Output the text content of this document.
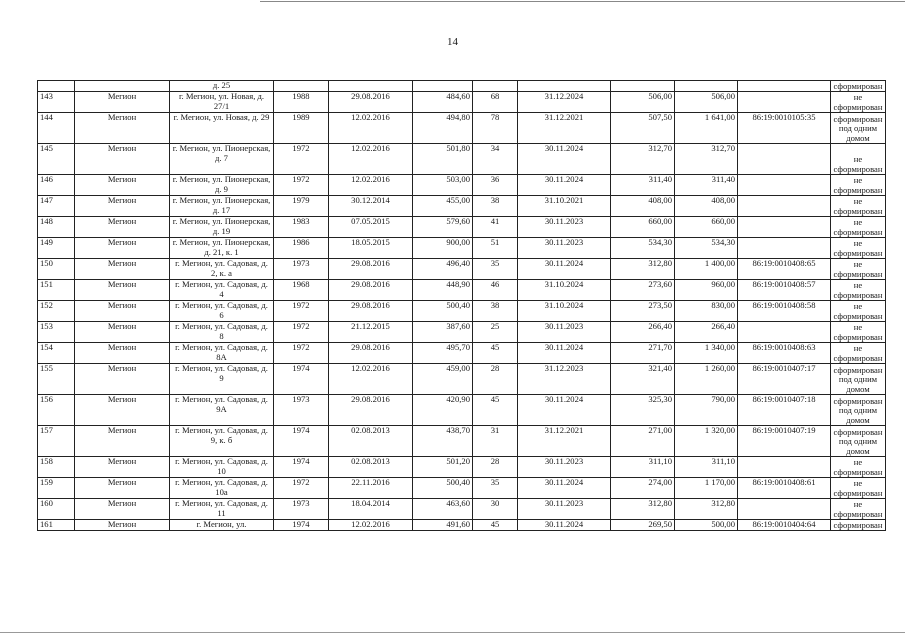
14
		д. 25									сформирован
143	Мегион	г. Мегион, ул. Новая, д. 27/1	1988	29.08.2016	484,60	68	31.12.2024	506,00	506,00		не сформирован
144	Мегион	г. Мегион, ул. Новая, д. 29	1989	12.02.2016	494,80	78	31.12.2021	507,50	1 641,00	86:19:0010105:35	сформирован под одним домом
145	Мегион	г. Мегион, ул. Пионерская, д. 7	1972	12.02.2016	501,80	34	30.11.2024	312,70	312,70		не сформирован
146	Мегион	г. Мегион, ул. Пионерская, д. 9	1972	12.02.2016	503,00	36	30.11.2024	311,40	311,40		не сформирован
147	Мегион	г. Мегион, ул. Пионерская, д. 17	1979	30.12.2014	455,00	38	31.10.2021	408,00	408,00		не сформирован
148	Мегион	г. Мегион, ул. Пионерская, д. 19	1983	07.05.2015	579,60	41	30.11.2023	660,00	660,00		не сформирован
149	Мегион	г. Мегион, ул. Пионерская, д. 21, к. 1	1986	18.05.2015	900,00	51	30.11.2023	534,30	534,30		не сформирован
150	Мегион	г. Мегион, ул. Садовая, д. 2, к. а	1973	29.08.2016	496,40	35	30.11.2024	312,80	1 400,00	86:19:0010408:65	не сформирован
151	Мегион	г. Мегион, ул. Садовая, д. 4	1968	29.08.2016	448,90	46	31.10.2024	273,60	960,00	86:19:0010408:57	не сформирован
152	Мегион	г. Мегион, ул. Садовая, д. 6	1972	29.08.2016	500,40	38	31.10.2024	273,50	830,00	86:19:0010408:58	не сформирован
153	Мегион	г. Мегион, ул. Садовая, д. 8	1972	21.12.2015	387,60	25	30.11.2023	266,40	266,40		не сформирован
154	Мегион	г. Мегион, ул. Садовая, д. 8А	1972	29.08.2016	495,70	45	30.11.2024	271,70	1 340,00	86:19:0010408:63	не сформирован
155	Мегион	г. Мегион, ул. Садовая, д. 9	1974	12.02.2016	459,00	28	31.12.2023	321,40	1 260,00	86:19:0010407:17	сформирован под одним домом
156	Мегион	г. Мегион, ул. Садовая, д. 9А	1973	29.08.2016	420,90	45	30.11.2024	325,30	790,00	86:19:0010407:18	сформирован под одним домом
157	Мегион	г. Мегион, ул. Садовая, д. 9, к. б	1974	02.08.2013	438,70	31	31.12.2021	271,00	1 320,00	86:19:0010407:19	сформирован под одним домом
158	Мегион	г. Мегион, ул. Садовая, д. 10	1974	02.08.2013	501,20	28	30.11.2023	311,10	311,10		не сформирован
159	Мегион	г. Мегион, ул. Садовая, д. 10а	1972	22.11.2016	500,40	35	30.11.2024	274,00	1 170,00	86:19:0010408:61	не сформирован
160	Мегион	г. Мегион, ул. Садовая, д. 11	1973	18.04.2014	463,60	30	30.11.2023	312,80	312,80		не сформирован
161	Мегион	г. Мегион, ул.	1974	12.02.2016	491,60	45	30.11.2024	269,50	500,00	86:19:0010404:64	сформирован
